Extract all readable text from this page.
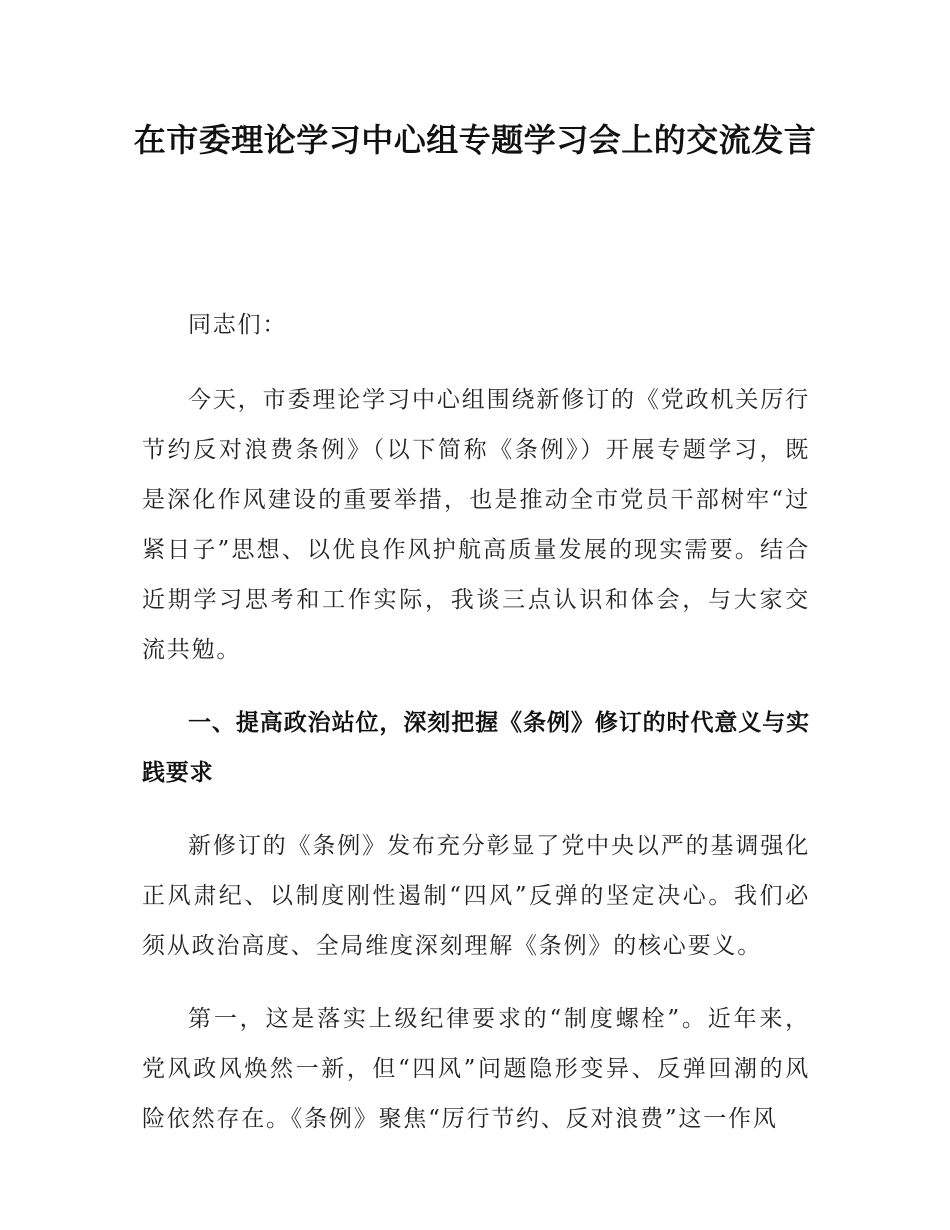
在市委理论学习中心组专题学习会上的交流发言

同志们：

今天，市委理论学习中心组围绕新修订的《党政机关厉行节约反对浪费条例》（以下简称《条例》）开展专题学习，既是深化作风建设的重要举措，也是推动全市党员干部树牢“过紧日子”思想、以优良作风护航高质量发展的现实需要。结合近期学习思考和工作实际，我谈三点认识和体会，与大家交流共勉。

一、提高政治站位，深刻把握《条例》修订的时代意义与实践要求

新修订的《条例》发布充分彰显了党中央以严的基调强化正风肃纪、以制度刚性遏制“四风”反弹的坚定决心。我们必须从政治高度、全局维度深刻理解《条例》的核心要义。

第一，这是落实上级纪律要求的“制度螺栓”。近年来，党风政风焕然一新，但“四风”问题隐形变异、反弹回潮的风险依然存在。《条例》聚焦“厉行节约、反对浪费”这一作风
